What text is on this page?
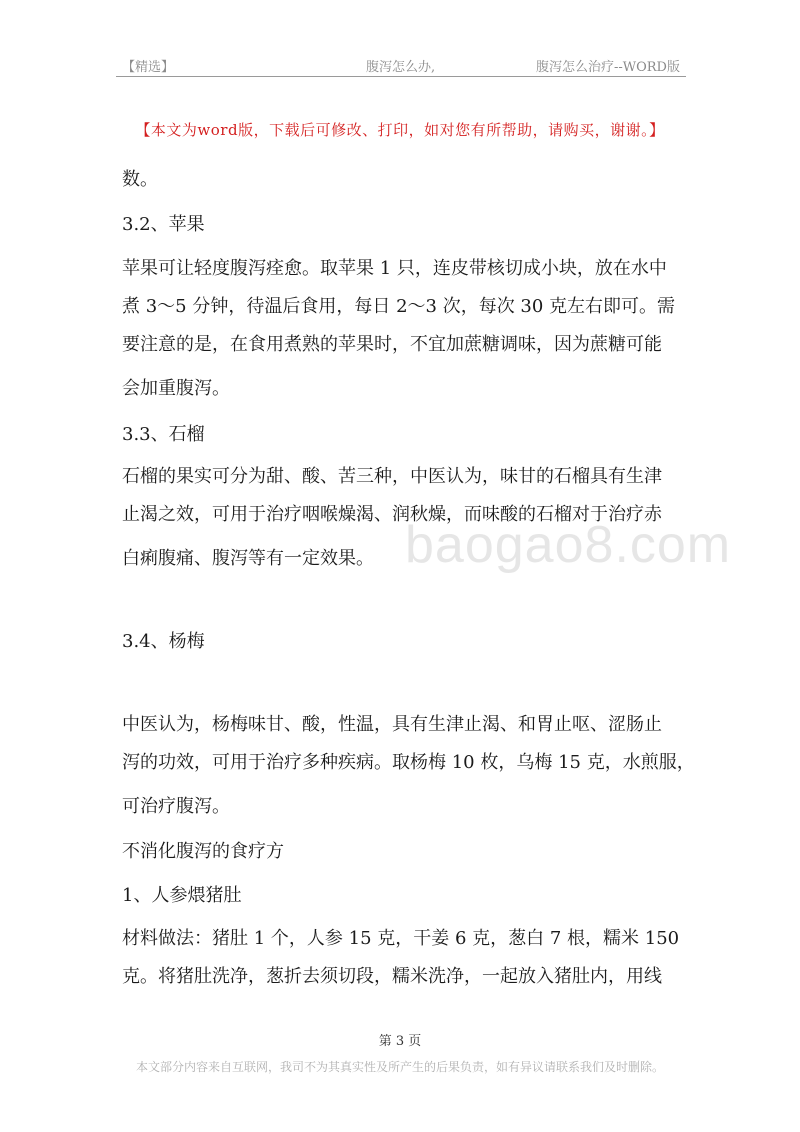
【精选】	腹泻怎么办,	腹泻怎么治疗--WORD版
【本文为word版，下载后可修改、打印，如对您有所帮助，请购买，谢谢。】
baogao8.com
数。
3.2、苹果
苹果可让轻度腹泻痊愈。取苹果 1 只，连皮带核切成小块，放在水中
煮 3～5 分钟，待温后食用，每日 2～3 次，每次 30 克左右即可。需
要注意的是，在食用煮熟的苹果时，不宜加蔗糖调味，因为蔗糖可能
会加重腹泻。
3.3、石榴
石榴的果实可分为甜、酸、苦三种，中医认为，味甘的石榴具有生津
止渴之效，可用于治疗咽喉燥渴、润秋燥，而味酸的石榴对于治疗赤
白痢腹痛、腹泻等有一定效果。
3.4、杨梅
中医认为，杨梅味甘、酸，性温，具有生津止渴、和胃止呕、涩肠止
泻的功效，可用于治疗多种疾病。取杨梅 10 枚，乌梅 15 克，水煎服，
可治疗腹泻。
不消化腹泻的食疗方
1、人参煨猪肚
材料做法：猪肚 1 个，人参 15 克，干姜 6 克，葱白 7 根，糯米 150
克。将猪肚洗净，葱折去须切段，糯米洗净，一起放入猪肚内，用线
第 3 页
本文部分内容来自互联网，我司不为其真实性及所产生的后果负责，如有异议请联系我们及时删除。
